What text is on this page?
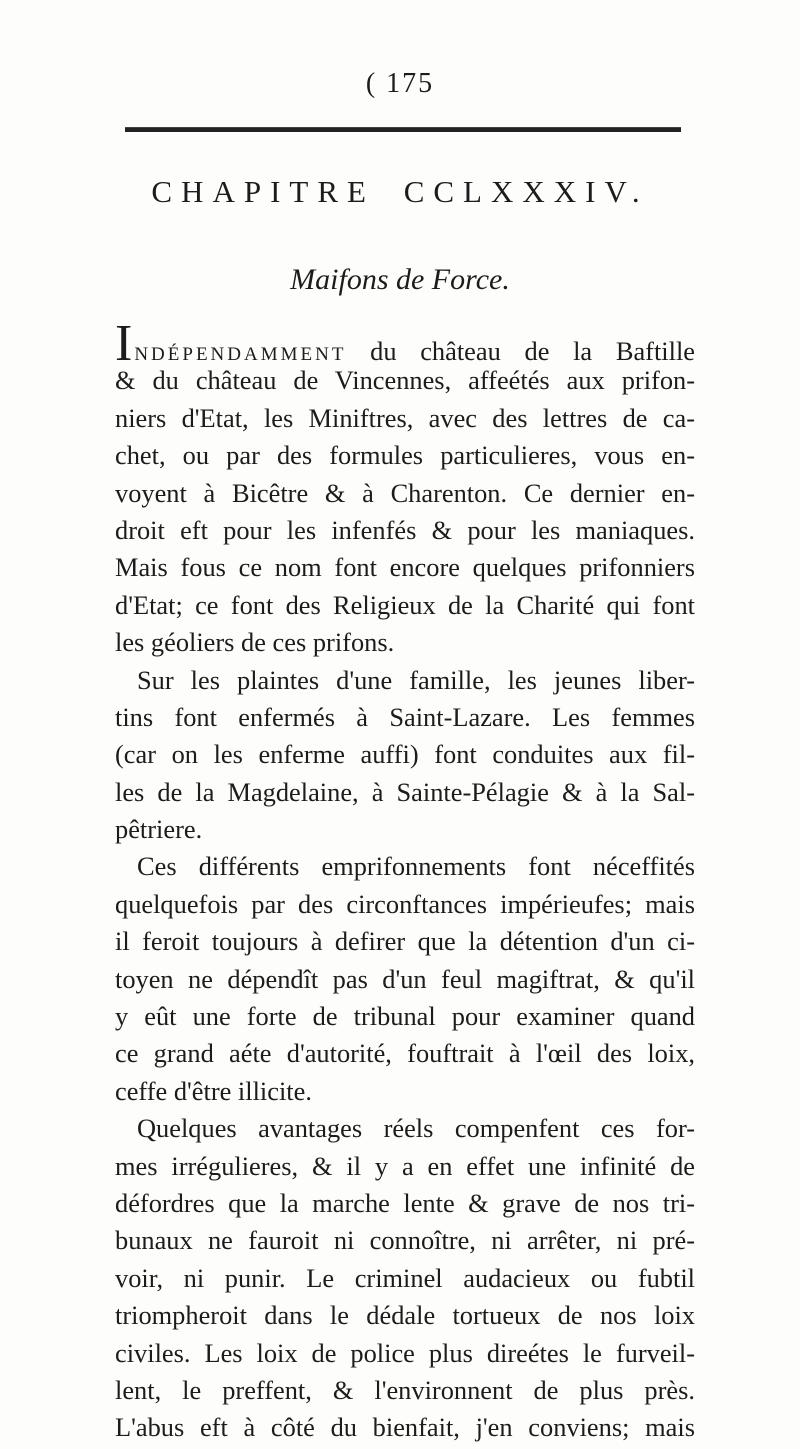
( 175
CHAPITRE CCLXXXIV.
Maifons de Force.
INDÉPENDAMMENT du château de la Baftille
& du château de Vincennes, affeétés aux prifon-
niers d'Etat, les Miniftres, avec des lettres de ca-
chet, ou par des formules particulieres, vous en-
voyent à Bicêtre & à Charenton. Ce dernier en-
droit eft pour les infenfés & pour les maniaques.
Mais fous ce nom font encore quelques prifonniers
d'Etat; ce font des Religieux de la Charité qui font
les géoliers de ces prifons.
Sur les plaintes d'une famille, les jeunes liber-
tins font enfermés à Saint-Lazare. Les femmes
(car on les enferme auffi) font conduites aux fil-
les de la Magdelaine, à Sainte-Pélagie & à la Sal-
pêtriere.
Ces différents emprifonnements font néceffités
quelquefois par des circonftances impérieufes; mais
il feroit toujours à defirer que la détention d'un ci-
toyen ne dépendît pas d'un feul magiftrat, & qu'il
y eût une forte de tribunal pour examiner quand
ce grand aéte d'autorité, fouftrait à l'œil des loix,
ceffe d'être illicite.
Quelques avantages réels compenfent ces for-
mes irrégulieres, & il y a en effet une infinité de
défordres que la marche lente & grave de nos tri-
bunaux ne fauroit ni connoître, ni arrêter, ni pré-
voir, ni punir. Le criminel audacieux ou fubtil
triompheroit dans le dédale tortueux de nos loix
civiles. Les loix de police plus direétes le furveil-
lent, le preffent, & l'environnent de plus près.
L'abus eft à côté du bienfait, j'en conviens; mais
